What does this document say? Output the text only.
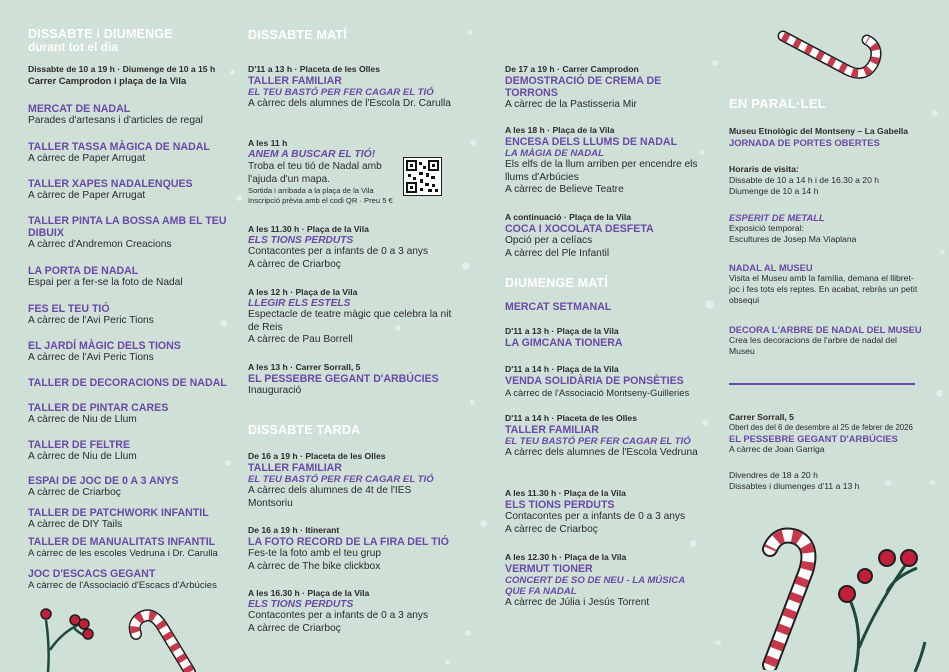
DISSABTE i DIUMENGE
durant tot el dia
Dissabte de 10 a 19 h · Diumenge de 10 a 15 h
Carrer Camprodon i plaça de la Vila
MERCAT DE NADAL
Parades d'artesans i d'articles de regal
TALLER TASSA MÀGICA DE NADAL
A càrrec de Paper Arrugat
TALLER XAPES NADALENQUES
A càrrec de Paper Arrugat
TALLER PINTA LA BOSSA AMB EL TEU DIBUIX
A càrrec d'Andremon Creacions
LA PORTA DE NADAL
Espai per a fer-se la foto de Nadal
FES EL TEU TIÓ
A càrrec de l'Avi Peric Tions
EL JARDÍ MÀGIC DELS TIONS
A càrrec de l'Avi Peric Tions
TALLER DE DECORACIONS DE NADAL
TALLER DE PINTAR CARES
A càrrec de Niu de Llum
TALLER DE FELTRE
A càrrec de Niu de Llum
ESPAI DE JOC DE 0 A 3 ANYS
A càrrec de Criarboç
TALLER DE PATCHWORK INFANTIL
A càrrec de DIY Tails
TALLER DE MANUALITATS INFANTIL
A càrrec de les escoles Vedruna i Dr. Carulla
JOC D'ESCACS GEGANT
A càrrec de l'Associació d'Escacs d'Arbúcies
DISSABTE MATÍ
D'11 a 13 h · Placeta de les Olles
TALLER FAMILIAR
EL TEU BASTÓ PER FER CAGAR EL TIÓ
A càrrec dels alumnes de l'Escola Dr. Carulla
A les 11 h
ANEM A BUSCAR EL TIÓ!
Troba el teu tió de Nadal amb l'ajuda d'un mapa.
Sortida i arribada a la plaça de la Vila
Inscripció prèvia amb el codi QR · Preu 5 €
A les 11.30 h · Plaça de la Vila
ELS TIONS PERDUTS
Contacontes per a infants de 0 a 3 anys
A càrrec de Criarboç
A les 12 h · Plaça de la Vila
LLEGIR ELS ESTELS
Espectacle de teatre màgic que celebra la nit de Reis
A càrrec de Pau Borrell
A les 13 h · Carrer Sorrall, 5
EL PESSEBRE GEGANT D'ARBÚCIES
Inauguració
DISSABTE TARDA
De 16 a 19 h · Placeta de les Olles
TALLER FAMILIAR
EL TEU BASTÓ PER FER CAGAR EL TIÓ
A càrrec dels alumnes de 4t de l'IES Montsoriu
De 16 a 19 h · Itinerant
LA FOTO RECORD DE LA FIRA DEL TIÓ
Fes-te la foto amb el teu grup
A càrrec de The bike clickbox
A les 16.30 h · Plaça de la Vila
ELS TIONS PERDUTS
Contacontes per a infants de 0 a 3 anys
A càrrec de Criarboç
De 17 a 19 h · Carrer Camprodon
DEMOSTRACIÓ DE CREMA DE TORRONS
A càrrec de la Pastisseria Mir
A les 18 h · Plaça de la Vila
ENCESA DELS LLUMS DE NADAL
LA MÀGIA DE NADAL
Els elfs de la llum arriben per encendre els llums d'Arbúcies
A càrrec de Believe Teatre
A continuació · Plaça de la Vila
COCA I XOCOLATA DESFETA
Opció per a celíacs
A càrrec del Ple Infantil
DIUMENGE MATÍ
MERCAT SETMANAL
D'11 a 13 h · Plaça de la Vila
LA GIMCANA TIONERA
D'11 a 14 h · Plaça de la Vila
VENDA SOLIDÀRIA DE PONSÈTIES
A càrrec de l'Associació Montseny-Guilleries
D'11 a 14 h · Placeta de les Olles
TALLER FAMILIAR
EL TEU BASTÓ PER FER CAGAR EL TIÓ
A càrrec dels alumnes de l'Escola Vedruna
A les 11.30 h · Plaça de la Vila
ELS TIONS PERDUTS
Contacontes per a infants de 0 a 3 anys
A càrrec de Criarboç
A les 12.30 h · Plaça de la Vila
VERMUT TIONER
CONCERT DE SO DE NEU - LA MÚSICA QUE FA NADAL
A càrrec de Júlia i Jesús Torrent
EN PARAL·LEL
Museu Etnològic del Montseny – La Gabella
JORNADA DE PORTES OBERTES
Horaris de visita:
Dissabte de 10 a 14 h i de 16.30 a 20 h
Diumenge de 10 a 14 h
ESPERIT DE METALL
Exposició temporal:
Escultures de Josep Ma Viaplana
NADAL AL MUSEU
Visita el Museu amb la família, demana el llibret-joc i fes tots els reptes. En acabat, rebràs un petit obsequi
DECORA L'ARBRE DE NADAL DEL MUSEU
Crea les decoracions de l'arbre de nadal del Museu
Carrer Sorrall, 5
Obert des del 6 de desembre al 25 de febrer de 2026
EL PESSEBRE GEGANT D'ARBÚCIES
A càrrec de Joan Garriga
Divendres de 18 a 20 h
Dissabtes i diumenges d'11 a 13 h
